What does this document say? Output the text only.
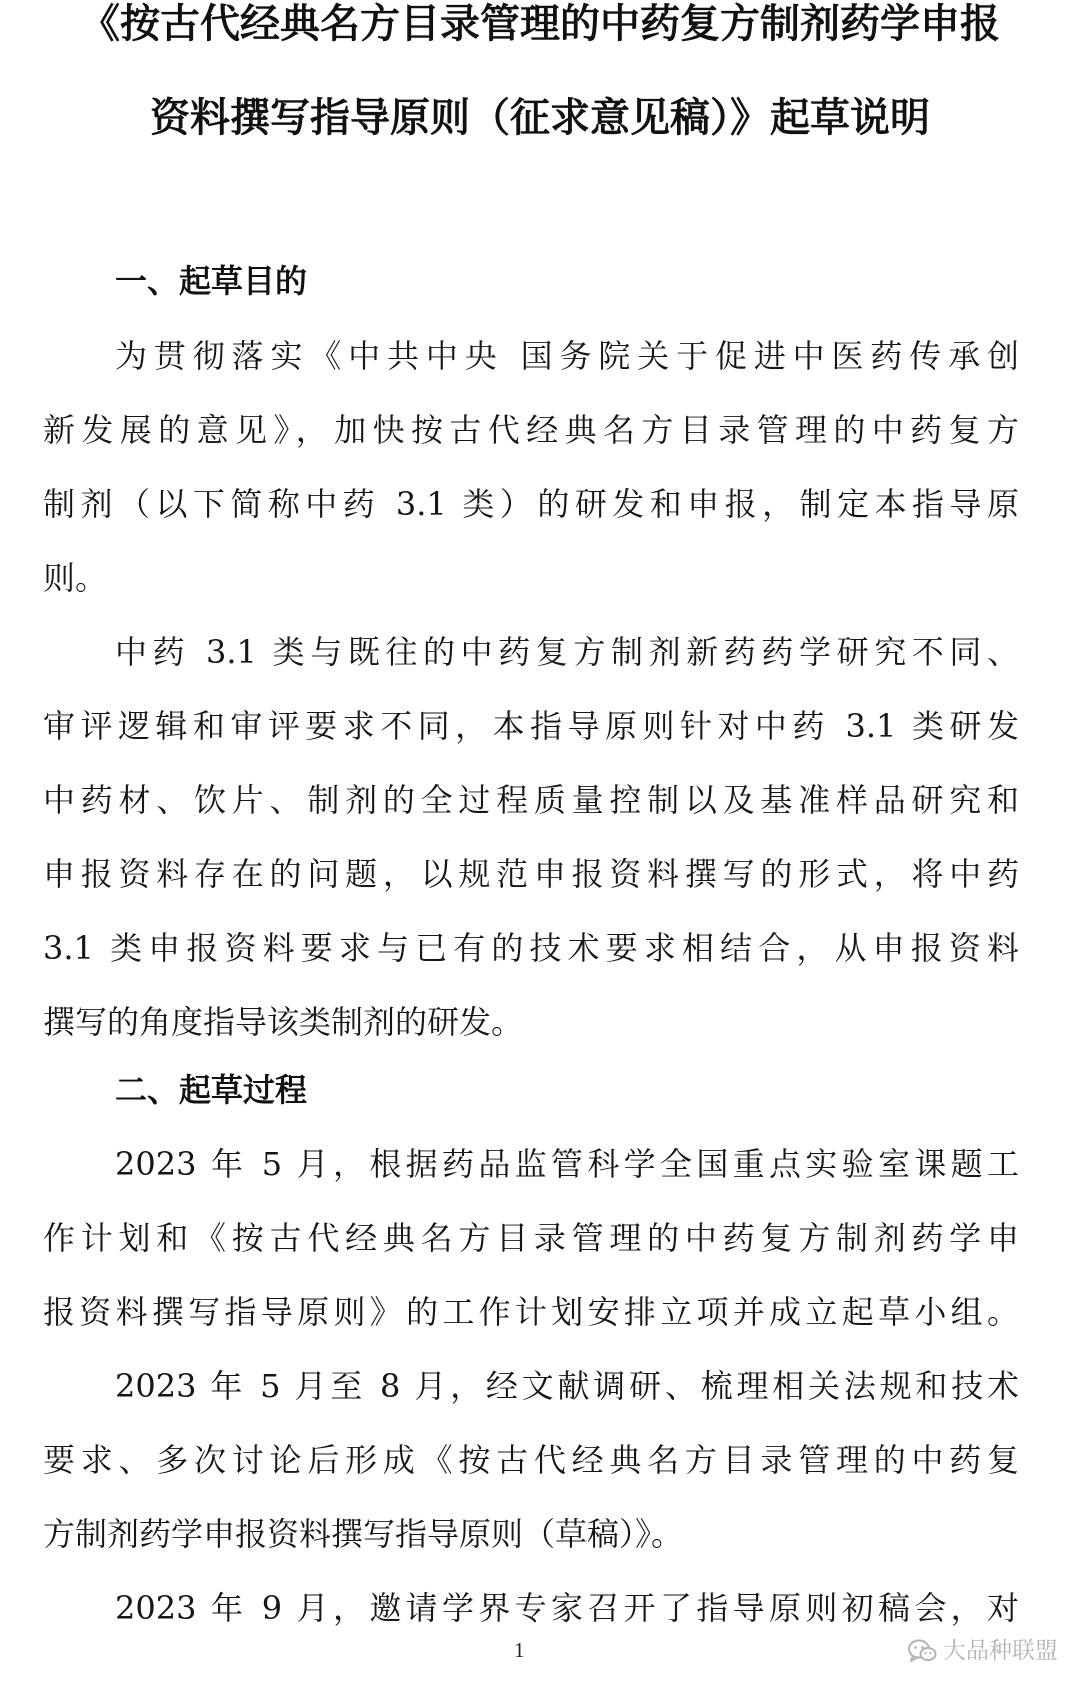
《按古代经典名方目录管理的中药复方制剂药学申报
资料撰写指导原则（征求意见稿）》起草说明
一、起草目的
为贯彻落实《中共中央 国务院关于促进中医药传承创
新发展的意见》，加快按古代经典名方目录管理的中药复方
制剂（以下简称中药 3.1 类）的研发和申报，制定本指导原
则。
中药 3.1 类与既往的中药复方制剂新药药学研究不同、
审评逻辑和审评要求不同，本指导原则针对中药 3.1 类研发
中药材、饮片、制剂的全过程质量控制以及基准样品研究和
申报资料存在的问题，以规范申报资料撰写的形式，将中药
3.1 类申报资料要求与已有的技术要求相结合，从申报资料
撰写的角度指导该类制剂的研发。
二、起草过程
2023 年 5 月，根据药品监管科学全国重点实验室课题工
作计划和《按古代经典名方目录管理的中药复方制剂药学申
报资料撰写指导原则》的工作计划安排立项并成立起草小组。
2023 年 5 月至 8 月，经文献调研、梳理相关法规和技术
要求、多次讨论后形成《按古代经典名方目录管理的中药复
方制剂药学申报资料撰写指导原则（草稿）》。
2023 年 9 月，邀请学界专家召开了指导原则初稿会，对
1	大品种联盟
